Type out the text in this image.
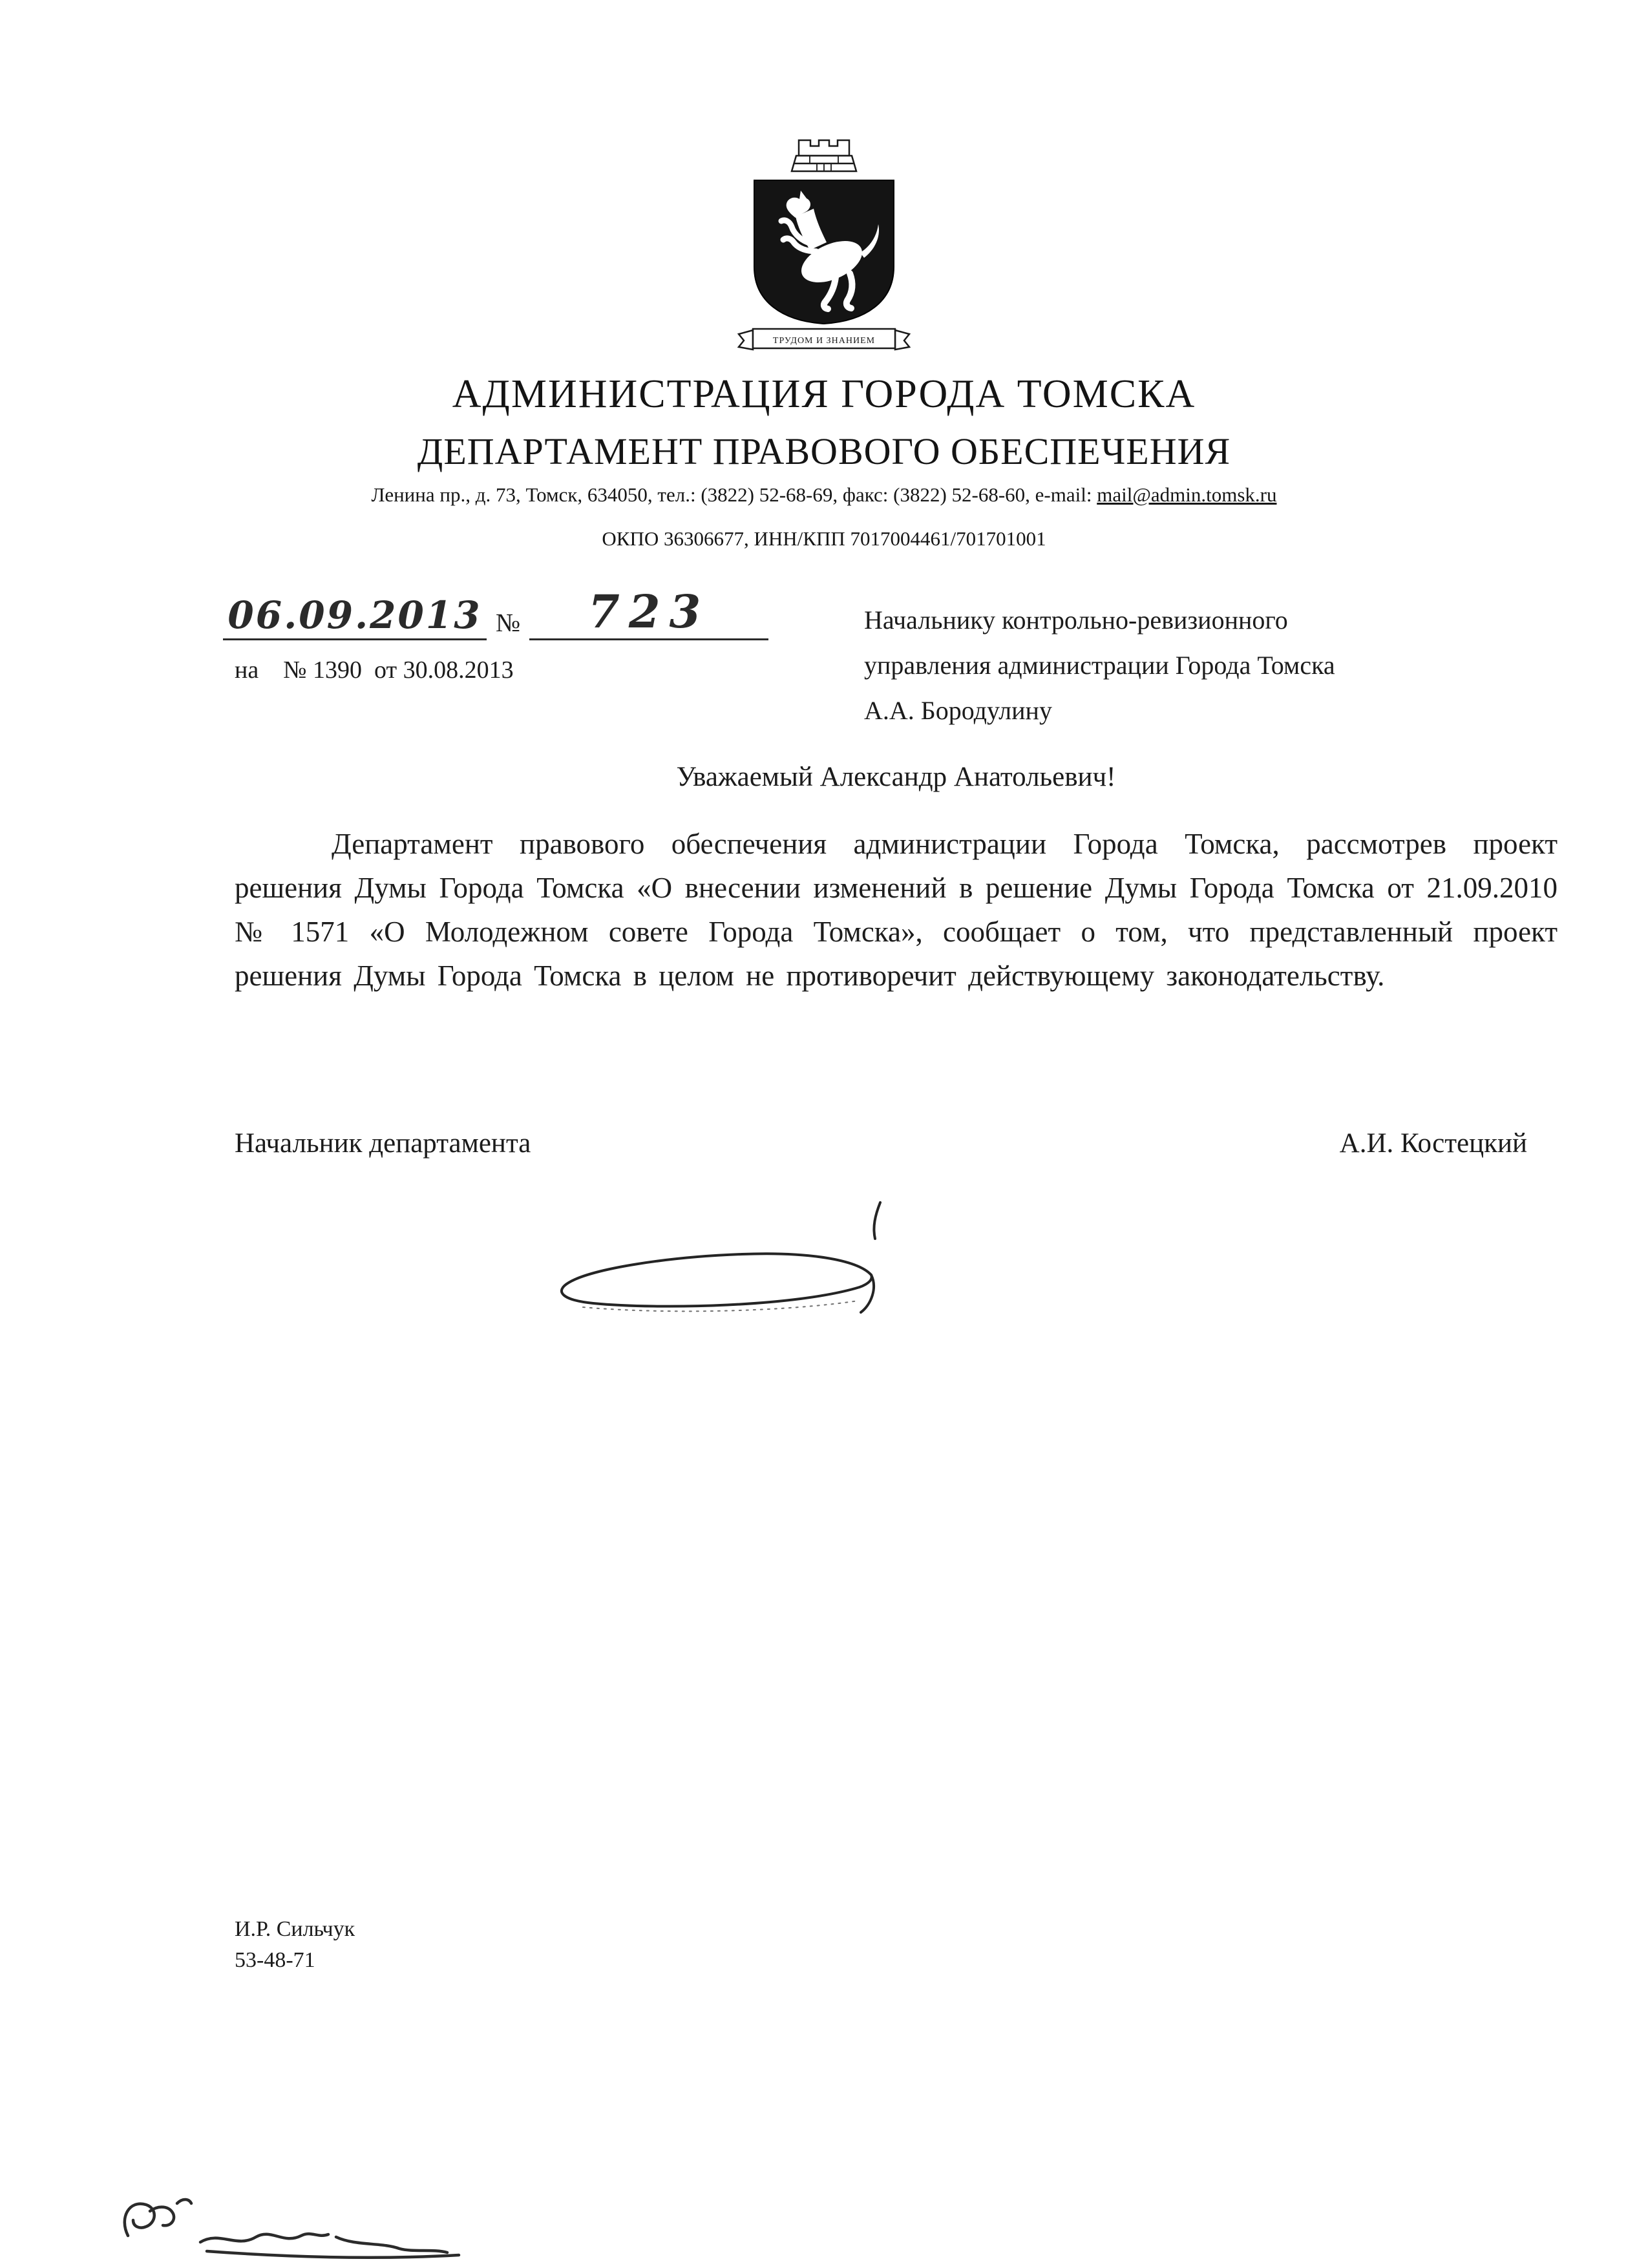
ТРУДОМ И ЗНАНИЕМ
АДМИНИСТРАЦИЯ ГОРОДА ТОМСКА
ДЕПАРТАМЕНТ ПРАВОВОГО ОБЕСПЕЧЕНИЯ
Ленина пр., д. 73, Томск, 634050, тел.: (3822) 52-68-69, факс: (3822) 52-68-60, e-mail: mail@admin.tomsk.ru
ОКПО 36306677, ИНН/КПП 7017004461/701701001
06.09.2013 № 723
на    № 1390  от 30.08.2013
Начальнику контрольно-ревизионного
управления администрации Города Томска
А.А. Бородулину
Уважаемый Александр Анатольевич!
Департамент правового обеспечения администрации Города Томска, рассмотрев проект решения Думы Города Томска «О внесении изменений в решение Думы Города Томска от 21.09.2010 № 1571 «О Молодежном совете Города Томска», сообщает о том, что представленный проект решения Думы Города Томска в целом не противоречит действующему законодательству.
Начальник департамента	А.И. Костецкий
И.Р. Сильчук
53-48-71
